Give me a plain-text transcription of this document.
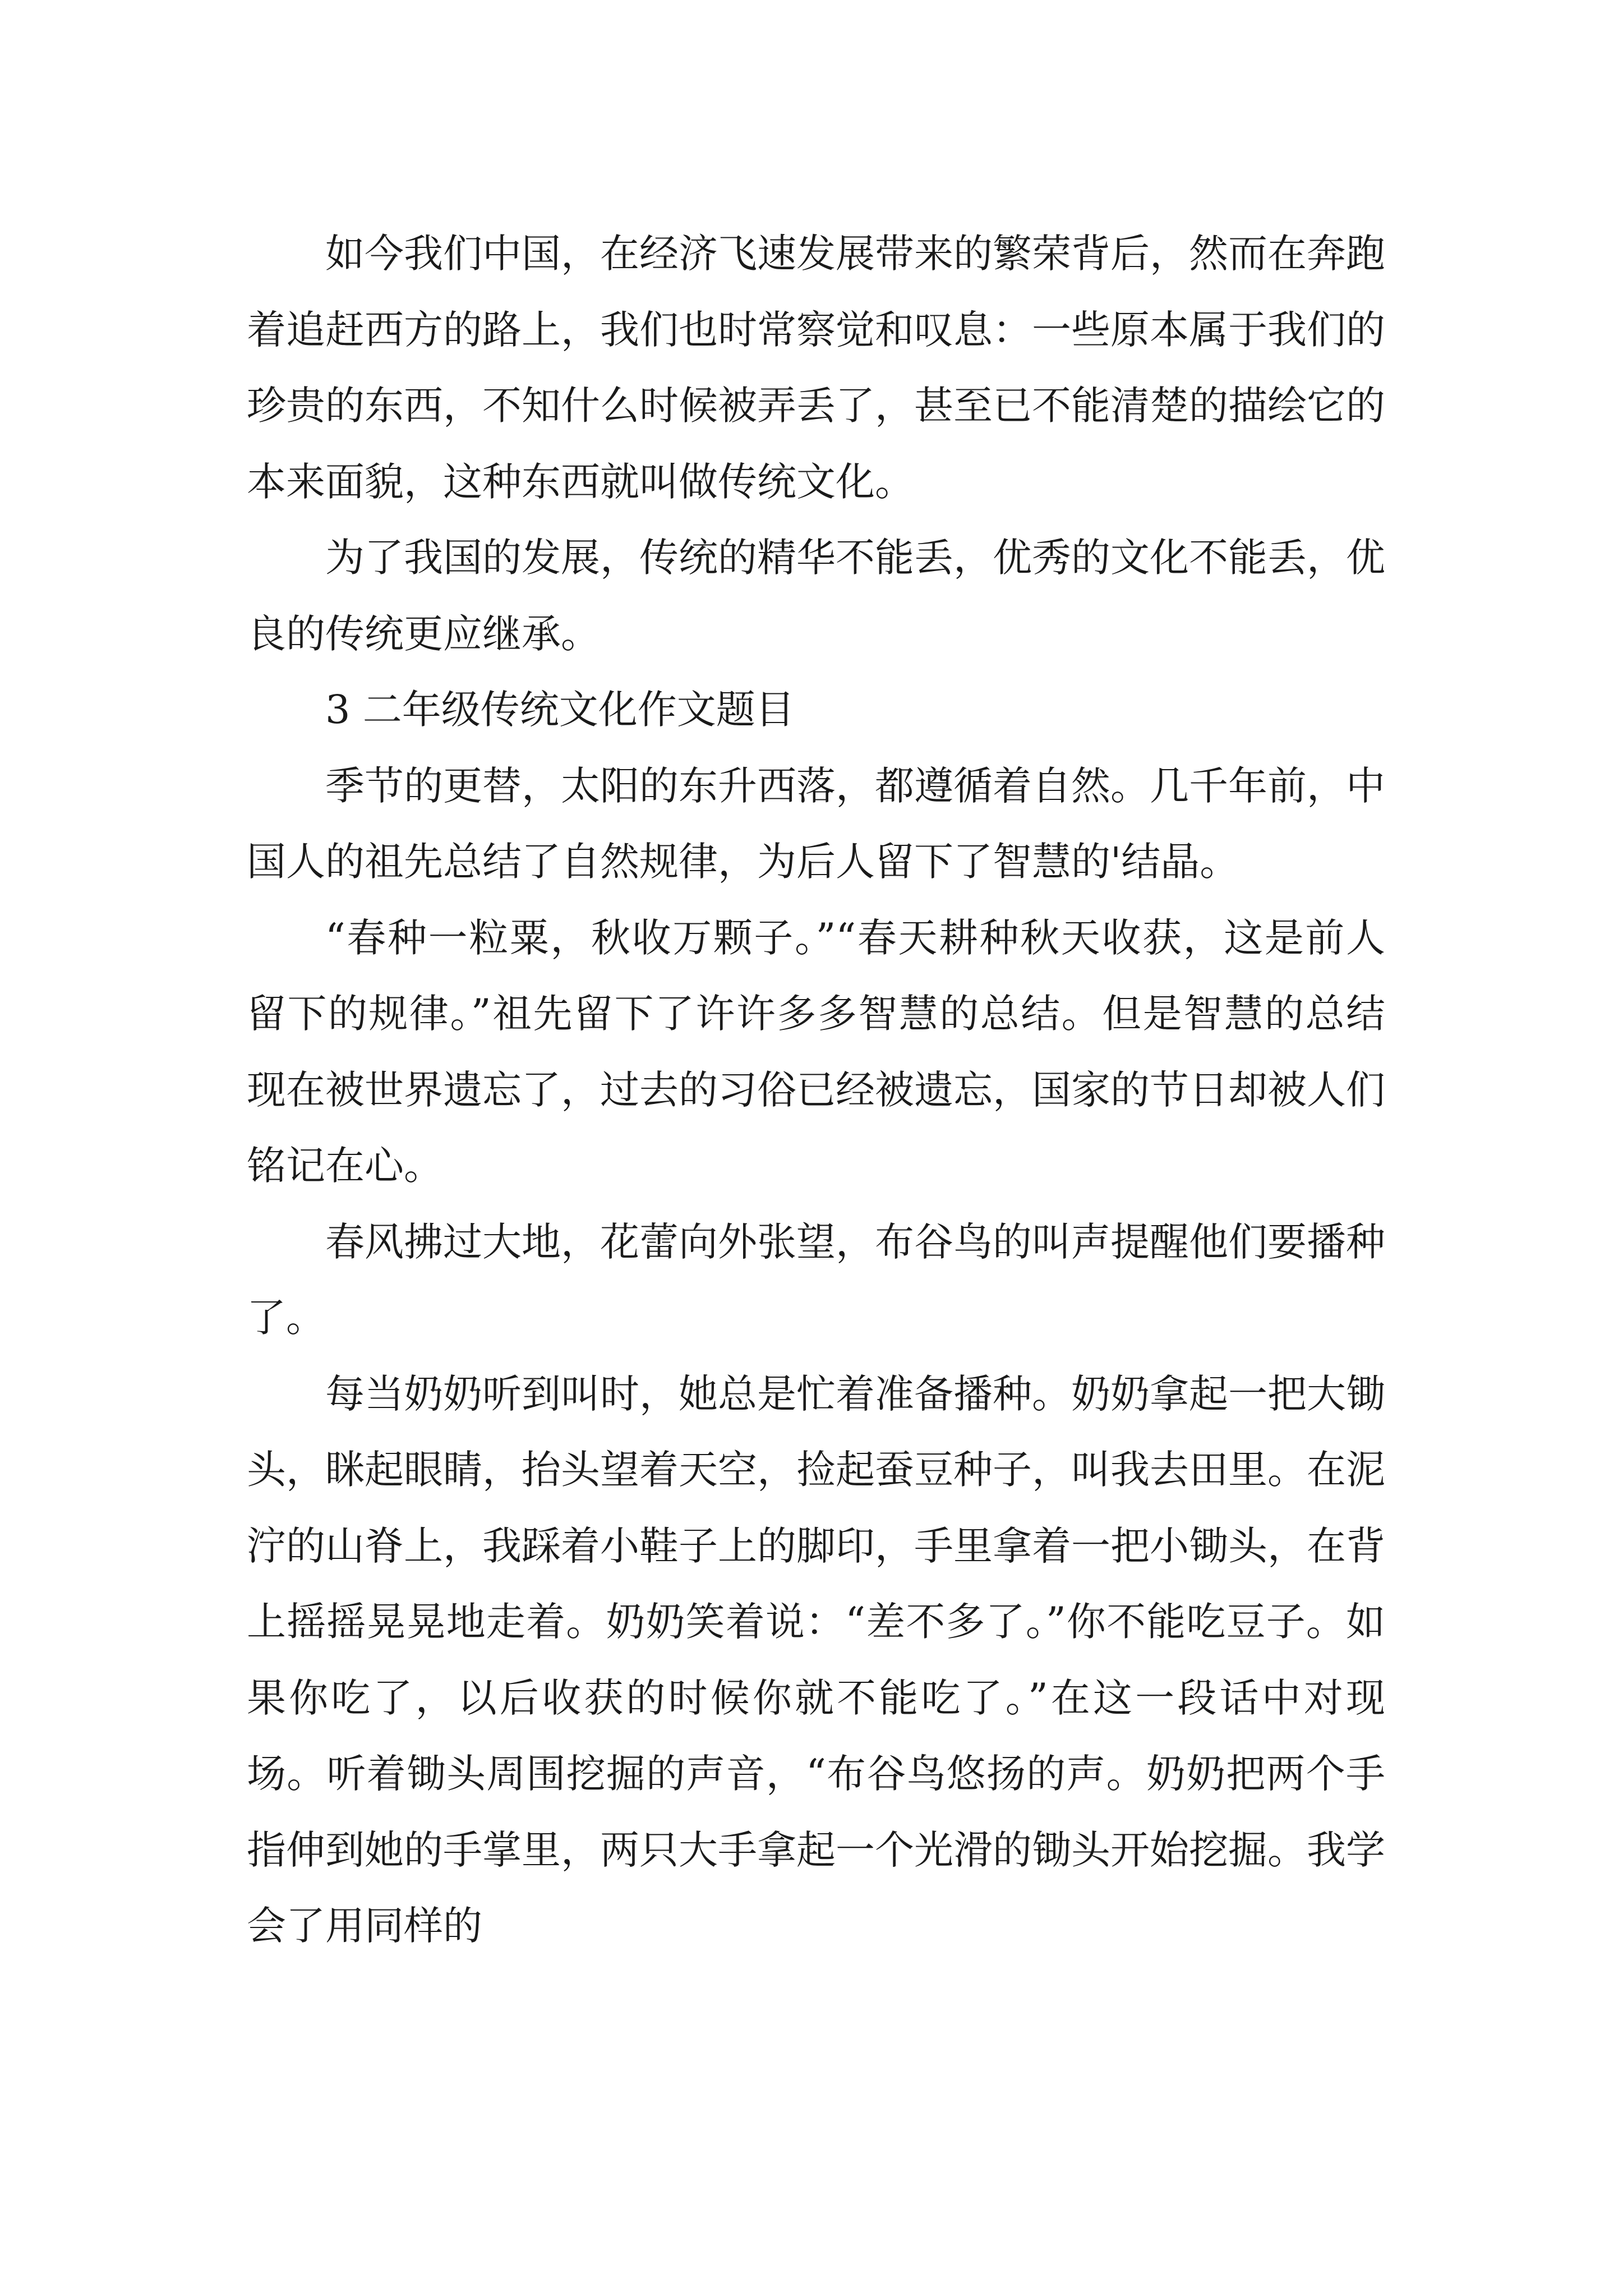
如今我们中国，在经济飞速发展带来的繁荣背后，然而在奔跑着追赶西方的路上，我们也时常察觉和叹息：一些原本属于我们的珍贵的东西，不知什么时候被弄丢了，甚至已不能清楚的描绘它的本来面貌，这种东西就叫做传统文化。

为了我国的发展，传统的精华不能丢，优秀的文化不能丢，优良的传统更应继承。

3 二年级传统文化作文题目

季节的更替，太阳的东升西落，都遵循着自然。几千年前，中国人的祖先总结了自然规律，为后人留下了智慧的'结晶。

“春种一粒粟，秋收万颗子。”“春天耕种秋天收获，这是前人留下的规律。”祖先留下了许许多多智慧的总结。但是智慧的总结现在被世界遗忘了，过去的习俗已经被遗忘，国家的节日却被人们铭记在心。

春风拂过大地，花蕾向外张望，布谷鸟的叫声提醒他们要播种了。

每当奶奶听到叫时，她总是忙着准备播种。奶奶拿起一把大锄头，眯起眼睛，抬头望着天空，捡起蚕豆种子，叫我去田里。在泥泞的山脊上，我踩着小鞋子上的脚印，手里拿着一把小锄头，在背上摇摇晃晃地走着。奶奶笑着说：“差不多了。”你不能吃豆子。如果你吃了，以后收获的时候你就不能吃了。”在这一段话中对现场。听着锄头周围挖掘的声音，“布谷鸟悠扬的声。奶奶把两个手指伸到她的手掌里，两只大手拿起一个光滑的锄头开始挖掘。我学会了用同样的
